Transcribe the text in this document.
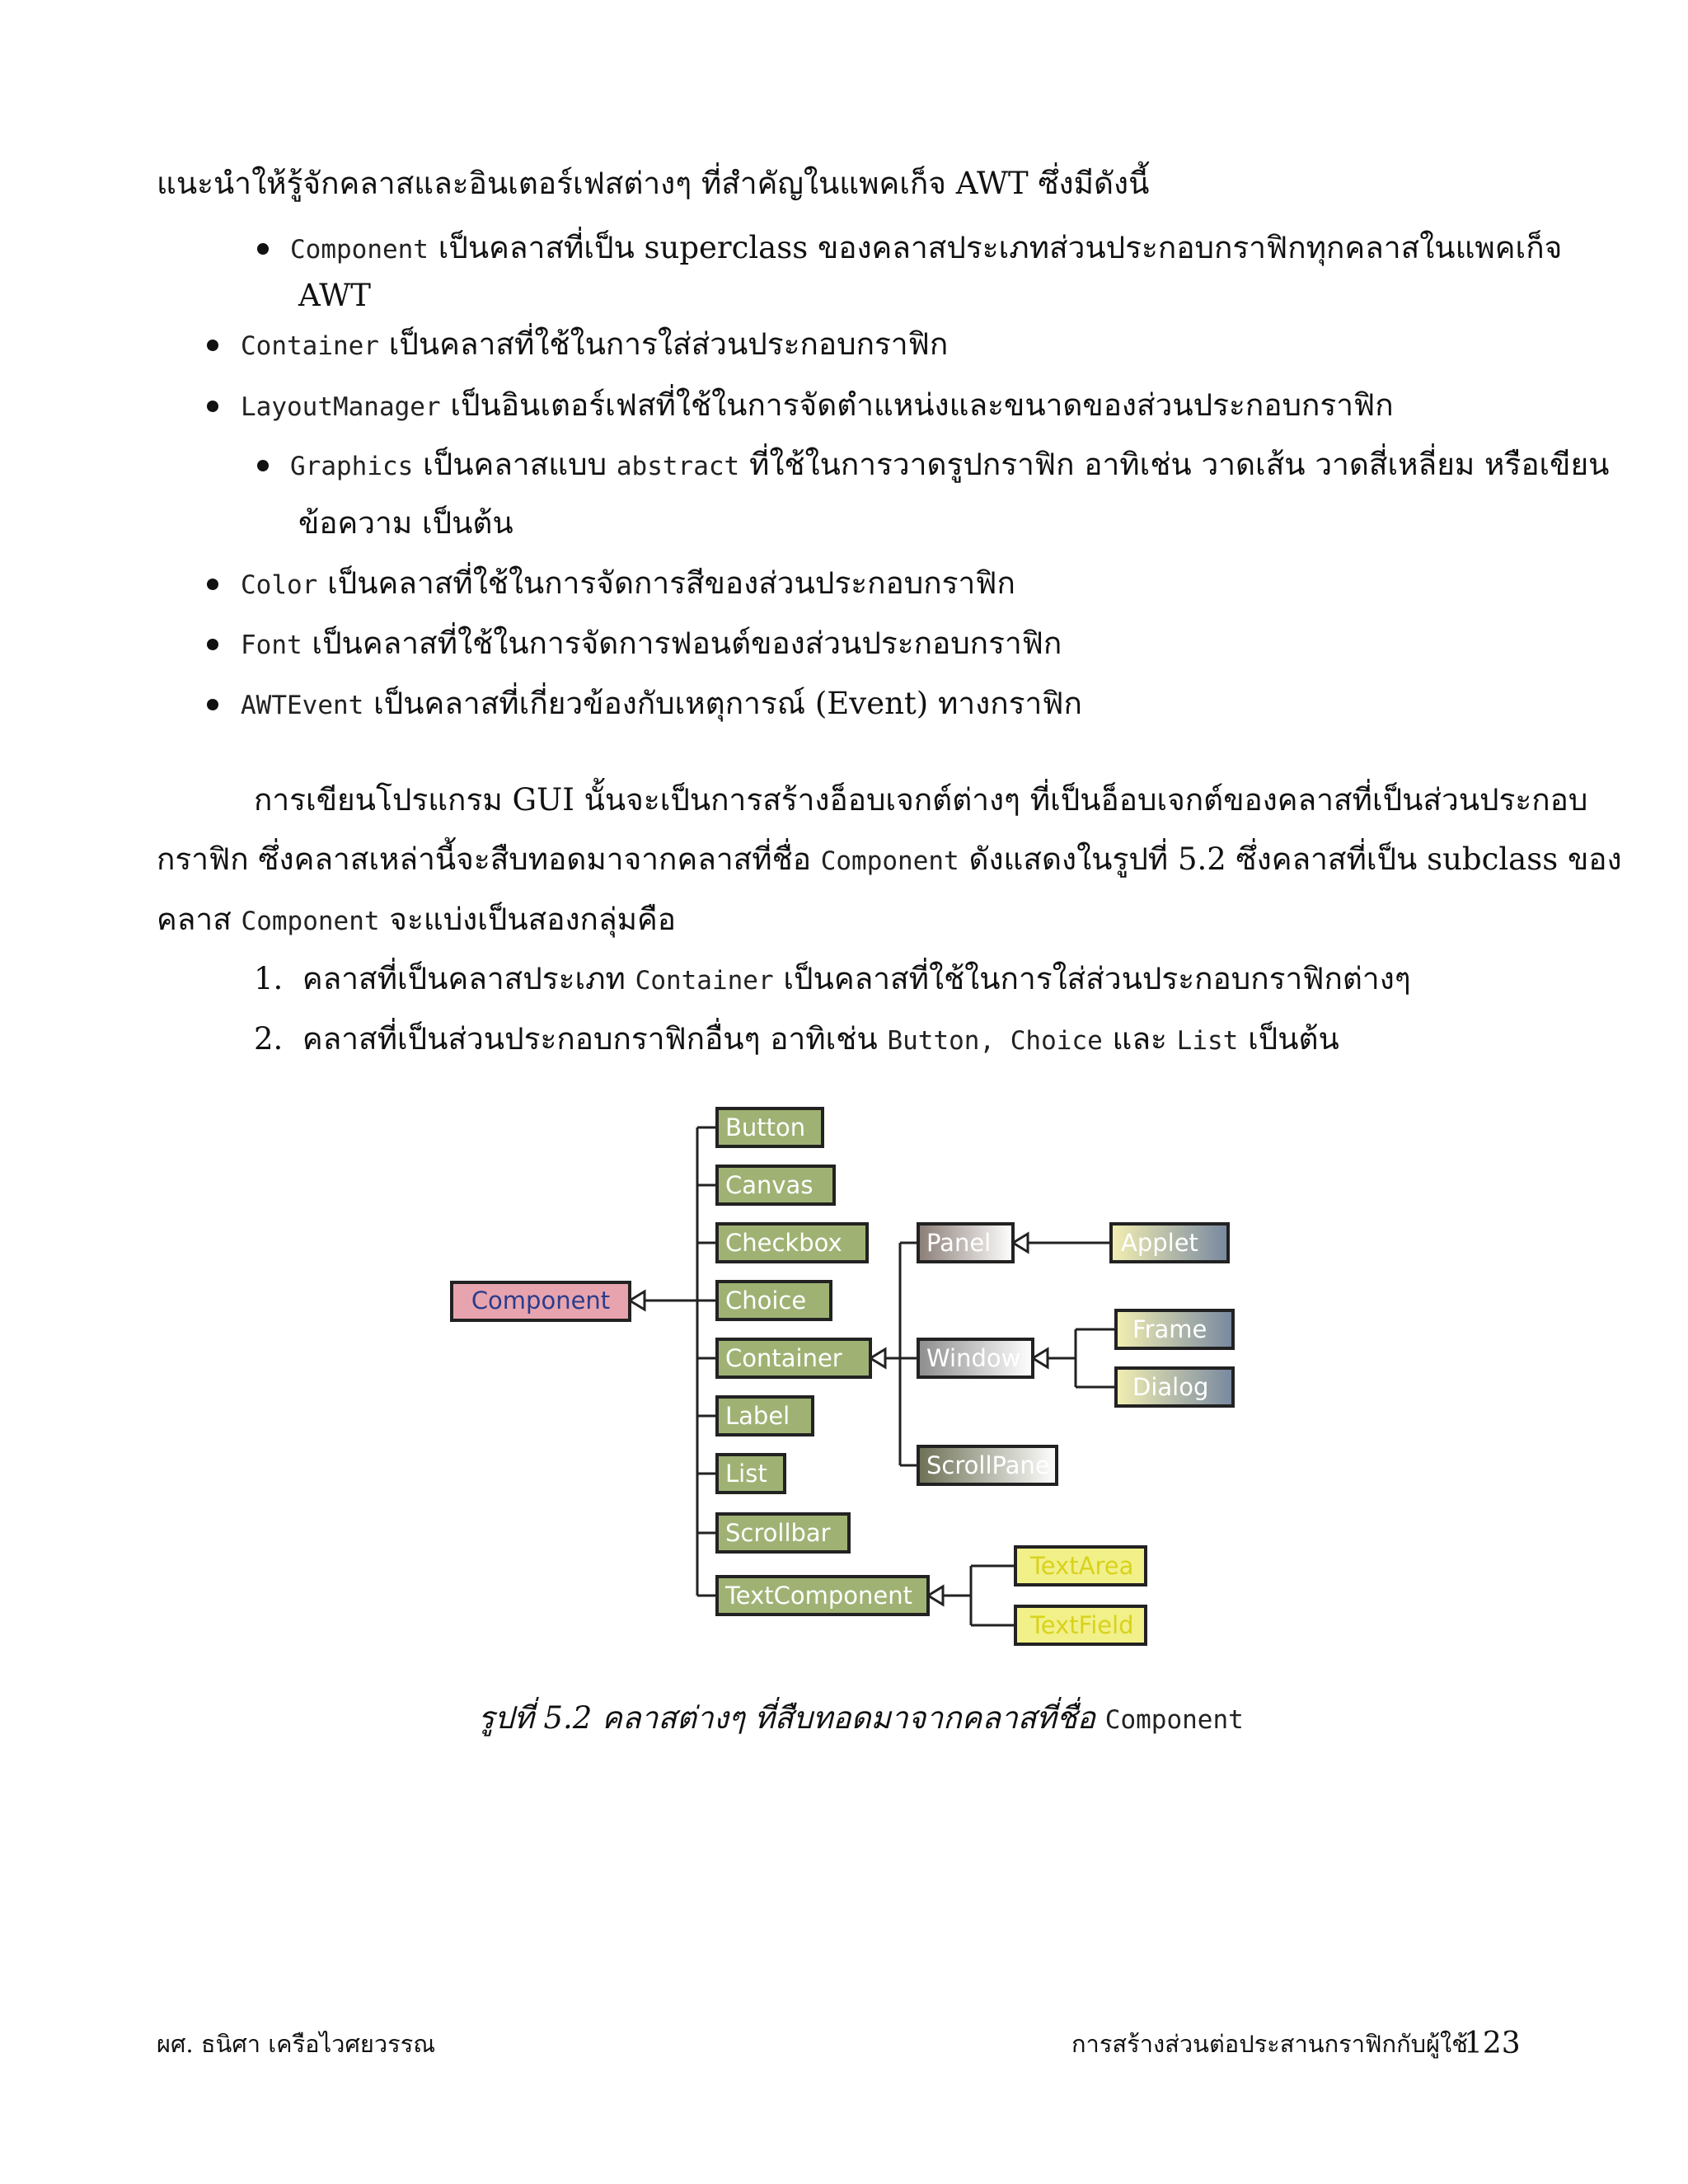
แนะนำให้รู้จักคลาสและอินเตอร์เฟสต่างๆ ที่สำคัญในแพคเก็จ AWT ซึ่งมีดังนี้
Component เป็นคลาสที่เป็น superclass ของคลาสประเภทส่วนประกอบกราฟิกทุกคลาสในแพคเก็จ
AWT
Container เป็นคลาสที่ใช้ในการใส่ส่วนประกอบกราฟิก
LayoutManager เป็นอินเตอร์เฟสที่ใช้ในการจัดตำแหน่งและขนาดของส่วนประกอบกราฟิก
Graphics เป็นคลาสแบบ abstract ที่ใช้ในการวาดรูปกราฟิก อาทิเช่น วาดเส้น วาดสี่เหลี่ยม หรือเขียน
ข้อความ เป็นต้น
Color เป็นคลาสที่ใช้ในการจัดการสีของส่วนประกอบกราฟิก
Font เป็นคลาสที่ใช้ในการจัดการฟอนต์ของส่วนประกอบกราฟิก
AWTEvent เป็นคลาสที่เกี่ยวข้องกับเหตุการณ์ (Event) ทางกราฟิก
การเขียนโปรแกรม GUI นั้นจะเป็นการสร้างอ็อบเจกต์ต่างๆ ที่เป็นอ็อบเจกต์ของคลาสที่เป็นส่วนประกอบ
กราฟิก ซึ่งคลาสเหล่านี้จะสืบทอดมาจากคลาสที่ชื่อ Component ดังแสดงในรูปที่ 5.2 ซึ่งคลาสที่เป็น subclass ของ
คลาส Component จะแบ่งเป็นสองกลุ่มคือ
1. คลาสที่เป็นคลาสประเภท Container เป็นคลาสที่ใช้ในการใส่ส่วนประกอบกราฟิกต่างๆ
2. คลาสที่เป็นส่วนประกอบกราฟิกอื่นๆ อาทิเช่น Button, Choice และ List เป็นต้น
Component
Button
Canvas
Checkbox
Choice
Container
Label
List
Scrollbar
TextComponent
Panel
Window
ScrollPane
Applet
Frame
Dialog
TextArea
TextField
รูปที่ 5.2 คลาสต่างๆ ที่สืบทอดมาจากคลาสที่ชื่อ Component
ผศ. ธนิศา เครือไวศยวรรณ	การสร้างส่วนต่อประสานกราฟิกกับผู้ใช้
123
